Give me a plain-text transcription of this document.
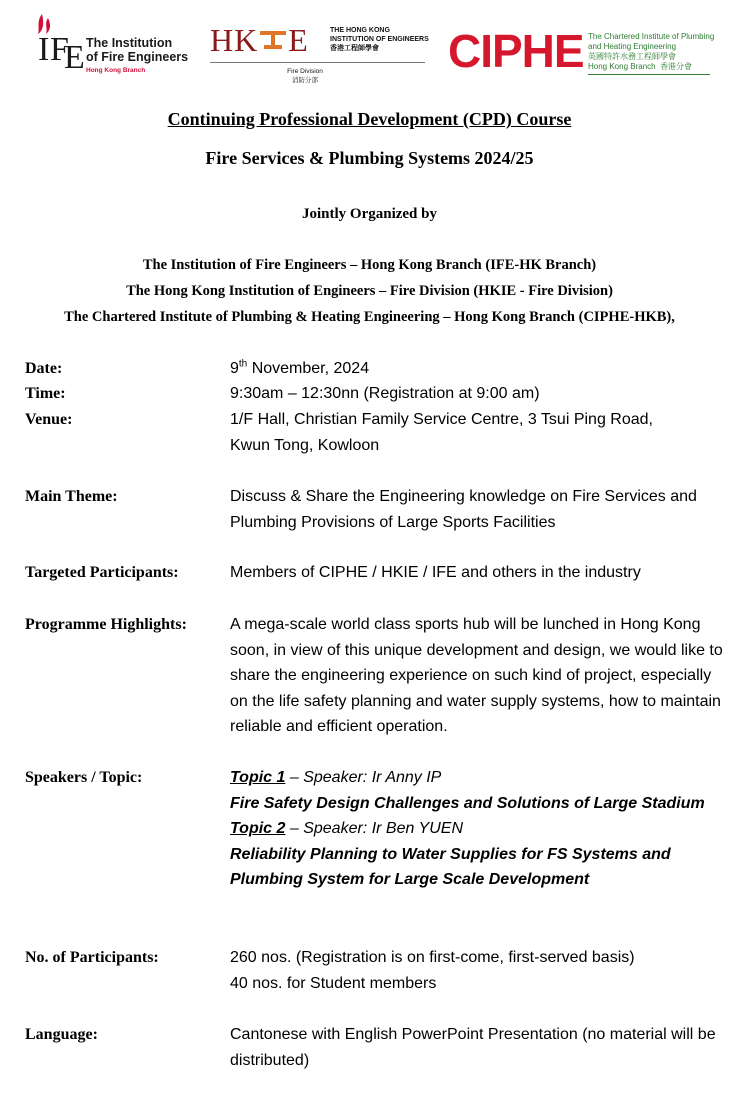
I F
E The Institution
of Fire Engineers
Hong Kong Branch
HK E	THE HONG KONG
INSTITUTION OF ENGINEERS
香港工程師學會
Fire Division
消防分部
CIPHE The Chartered Institute of Plumbing
and Heating Engineering
英國特許水務工程師學會
Hong Kong Branch 香港分會
Continuing Professional Development (CPD) Course
Fire Services & Plumbing Systems 2024/25
Jointly Organized by
The Institution of Fire Engineers – Hong Kong Branch (IFE-HK Branch)
The Hong Kong Institution of Engineers – Fire Division (HKIE - Fire Division)
The Chartered Institute of Plumbing & Heating Engineering – Hong Kong Branch (CIPHE-HKB),
Date:	9th November, 2024
Time:	9:30am – 12:30nn (Registration at 9:00 am)
Venue:	1/F Hall, Christian Family Service Centre, 3 Tsui Ping Road,

Kwun Tong, Kowloon

Main Theme:	Discuss & Share the Engineering knowledge on Fire Services and Plumbing Provisions of Large Sports Facilities
Targeted Participants:	Members of CIPHE / HKIE / IFE and others in the industry
Programme Highlights:	A mega-scale world class sports hub will be lunched in Hong Kong soon, in view of this unique development and design, we would like to share the engineering experience on such kind of project, especially on the life safety planning and water supply systems, how to maintain reliable and efficient operation.
Speakers / Topic:	Topic 1 – Speaker: Ir Anny IP

Fire Safety Design Challenges and Solutions of Large Stadium

Topic 2 – Speaker: Ir Ben YUEN

Reliability Planning to Water Supplies for FS Systems and Plumbing System for Large Scale Development

No. of Participants:	260 nos. (Registration is on first-come, first-served basis)

40 nos. for Student members

Language:	Cantonese with English PowerPoint Presentation (no material will be distributed)
